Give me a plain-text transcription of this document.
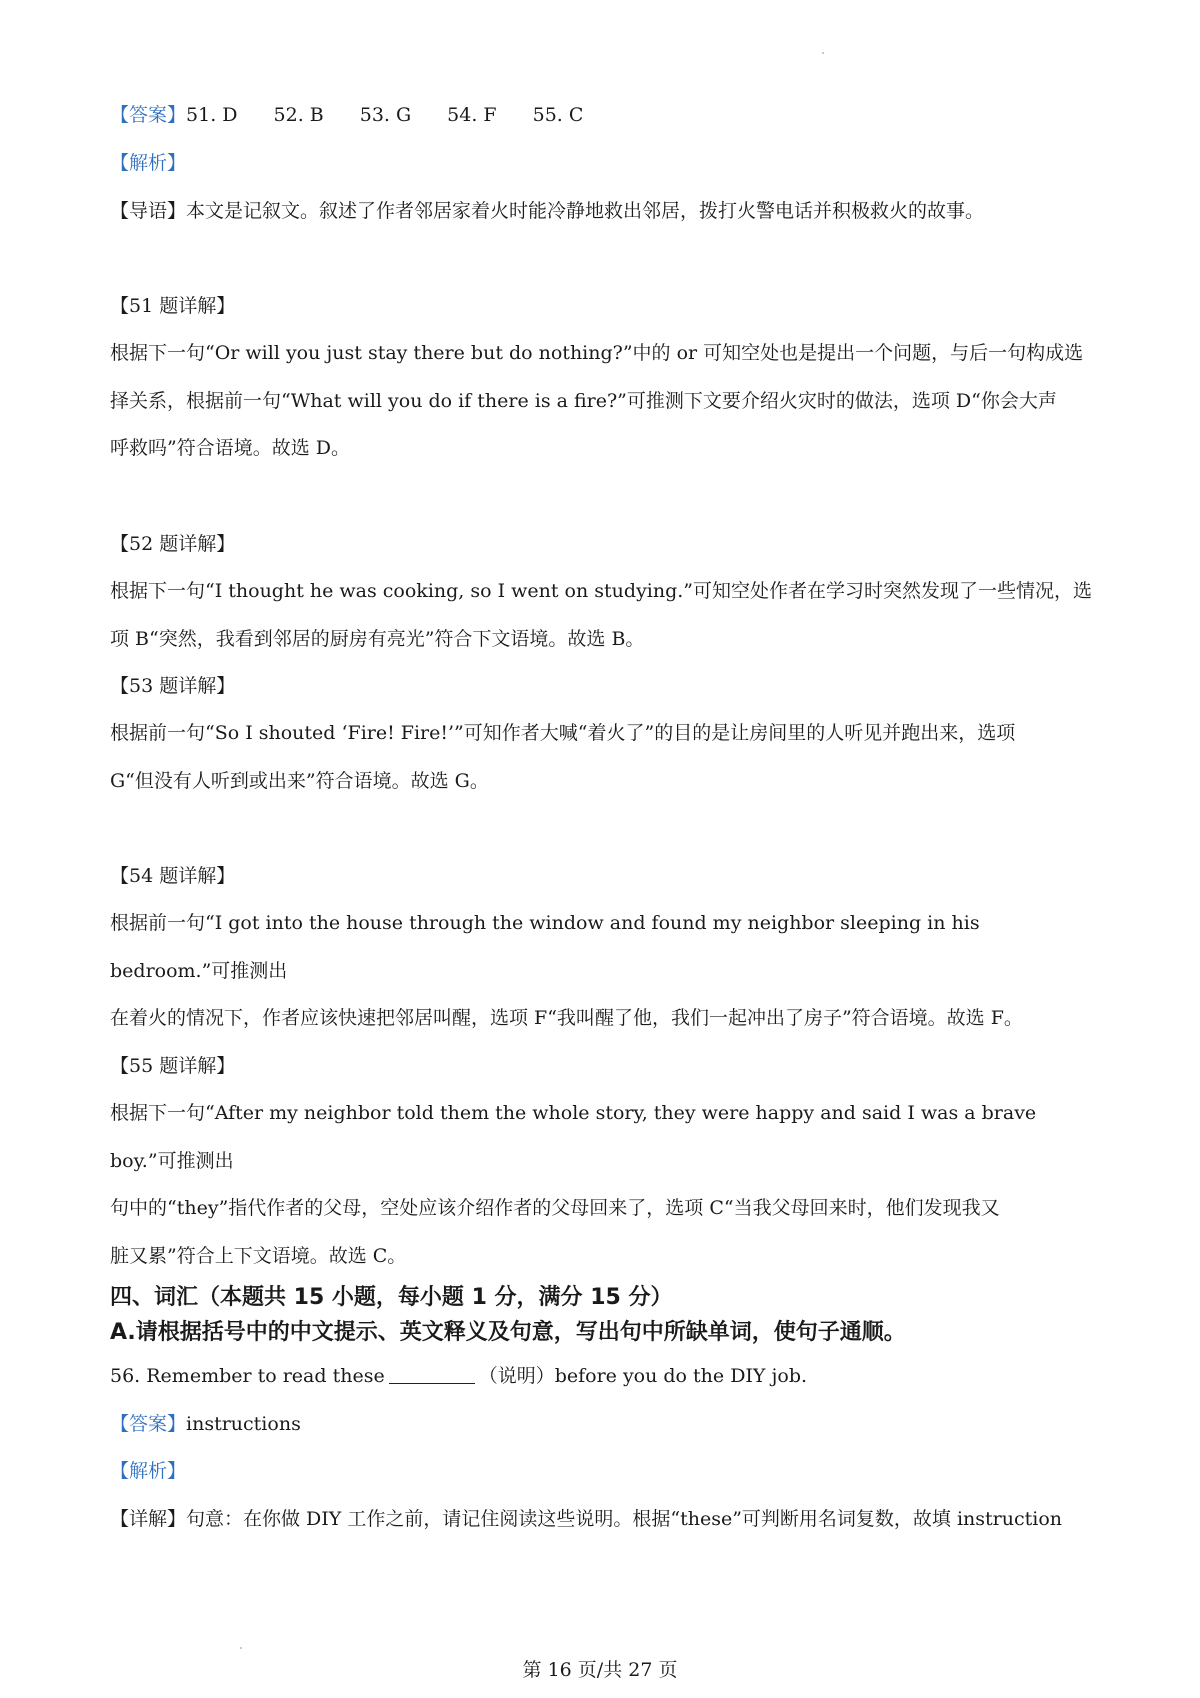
【答案】51. D 52. B 53. G 54. F 55. C
【解析】
【导语】本文是记叙文。叙述了作者邻居家着火时能冷静地救出邻居，拨打火警电话并积极救火的故事。
【51 题详解】
根据下一句“Or will you just stay there but do nothing?”中的 or 可知空处也是提出一个问题，与后一句构成选
择关系，根据前一句“What will you do if there is a fire?”可推测下文要介绍火灾时的做法，选项 D“你会大声
呼救吗”符合语境。故选 D。
【52 题详解】
根据下一句“I thought he was cooking, so I went on studying.”可知空处作者在学习时突然发现了一些情况，选
项 B“突然，我看到邻居的厨房有亮光”符合下文语境。故选 B。
【53 题详解】
根据前一句“So I shouted ‘Fire! Fire!’”可知作者大喊“着火了”的目的是让房间里的人听见并跑出来，选项
G“但没有人听到或出来”符合语境。故选 G。
【54 题详解】
根据前一句“I got into the house through the window and found my neighbor sleeping in his bedroom.”可推测出
在着火的情况下，作者应该快速把邻居叫醒，选项 F“我叫醒了他，我们一起冲出了房子”符合语境。故选 F。
【55 题详解】
根据下一句“After my neighbor told them the whole story, they were happy and said I was a brave boy.”可推测出
句中的“they”指代作者的父母，空处应该介绍作者的父母回来了，选项 C“当我父母回来时，他们发现我又
脏又累”符合上下文语境。故选 C。
四、词汇（本题共 15 小题，每小题 1 分，满分 15 分）
A.请根据括号中的中文提示、英文释义及句意，写出句中所缺单词，使句子通顺。
56. Remember to read these	（说明）before you do the DIY job.
【答案】instructions
【解析】
【详解】句意：在你做 DIY 工作之前，请记住阅读这些说明。根据“these”可判断用名词复数，故填 instruction
第 16 页/共 27 页
